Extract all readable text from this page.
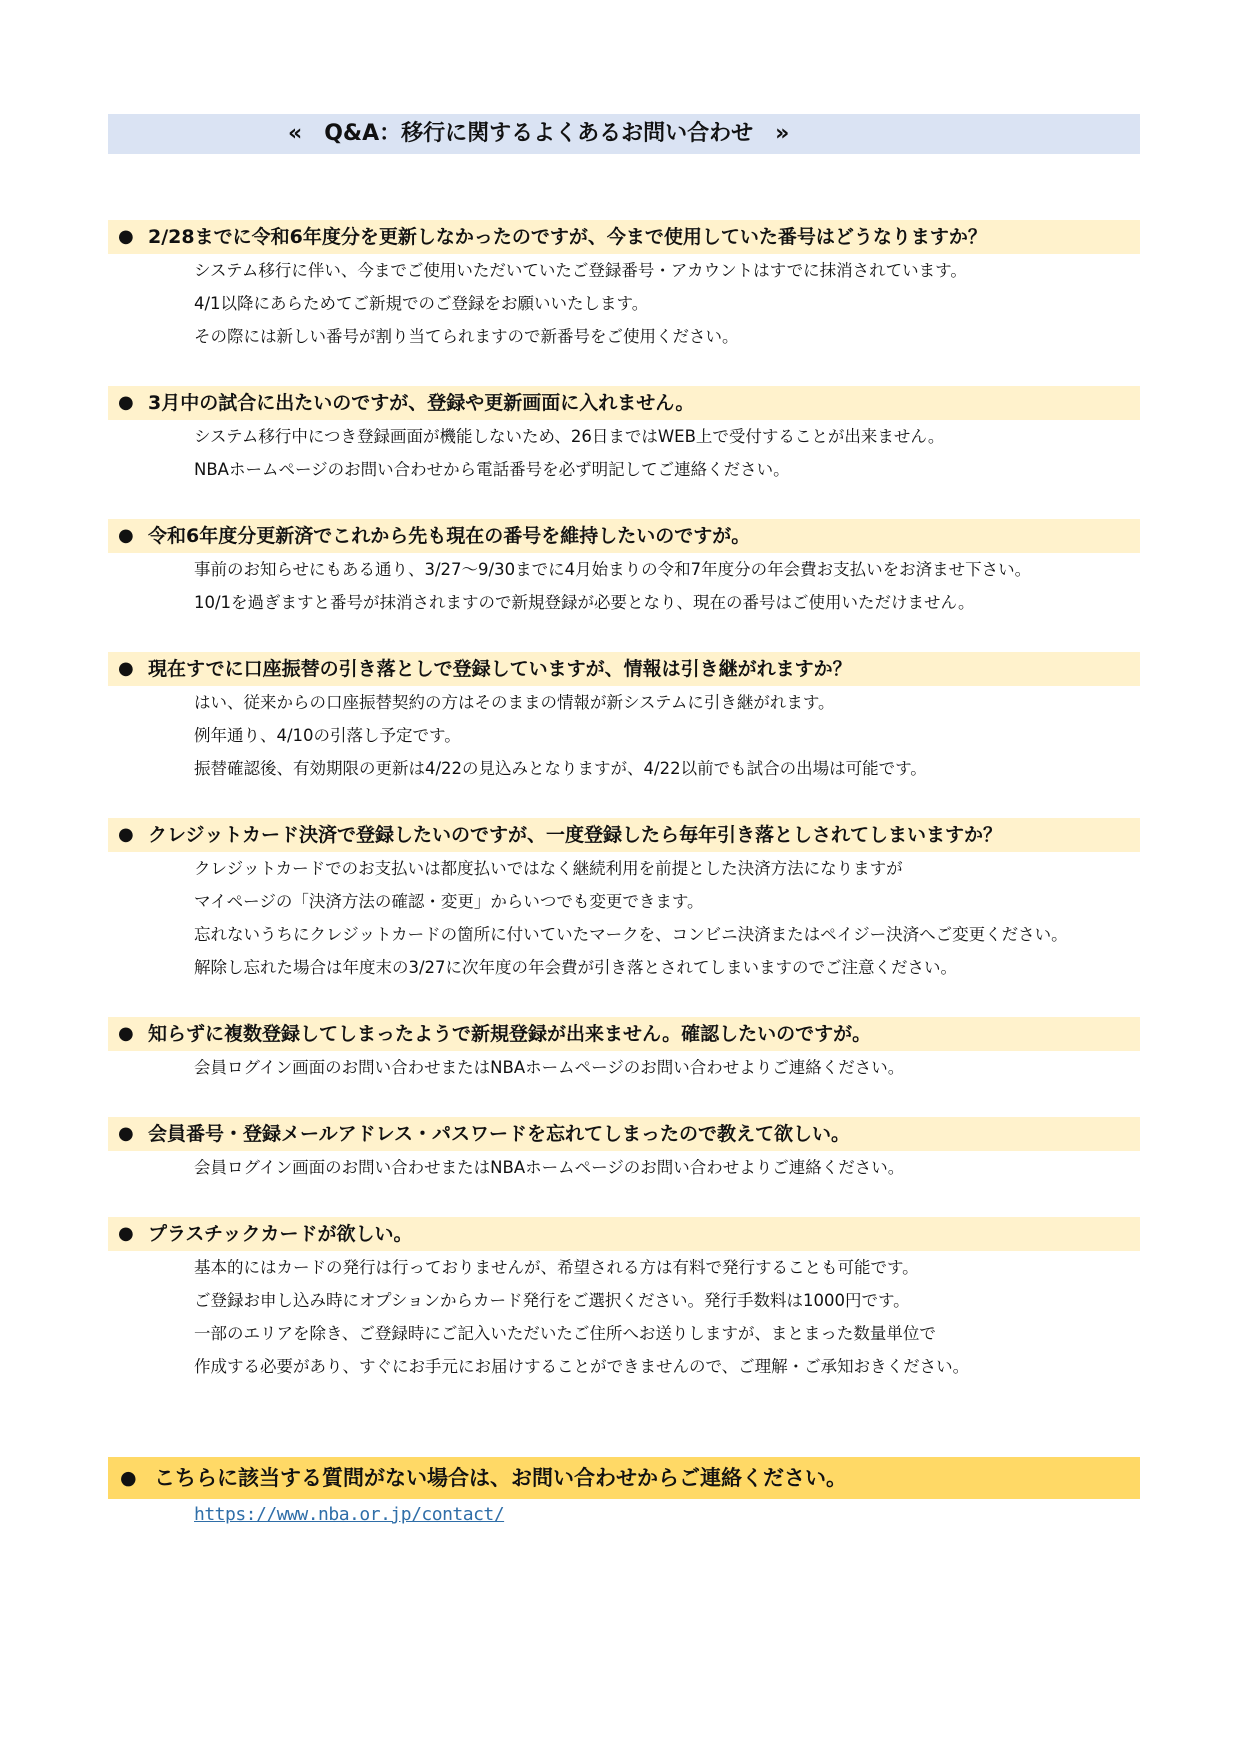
«　Q&A：移行に関するよくあるお問い合わせ　»
● 2/28までに令和6年度分を更新しなかったのですが、今まで使用していた番号はどうなりますか？
システム移行に伴い、今までご使用いただいていたご登録番号・アカウントはすでに抹消されています。
4/1以降にあらためてご新規でのご登録をお願いいたします。
その際には新しい番号が割り当てられますので新番号をご使用ください。
● 3月中の試合に出たいのですが、登録や更新画面に入れません。
システム移行中につき登録画面が機能しないため、26日まではWEB上で受付することが出来ません。
NBAホームページのお問い合わせから電話番号を必ず明記してご連絡ください。
● 令和6年度分更新済でこれから先も現在の番号を維持したいのですが。
事前のお知らせにもある通り、3/27～9/30までに4月始まりの令和7年度分の年会費お支払いをお済ませ下さい。
10/1を過ぎますと番号が抹消されますので新規登録が必要となり、現在の番号はご使用いただけません。
● 現在すでに口座振替の引き落としで登録していますが、情報は引き継がれますか？
はい、従来からの口座振替契約の方はそのままの情報が新システムに引き継がれます。
例年通り、4/10の引落し予定です。
振替確認後、有効期限の更新は4/22の見込みとなりますが、4/22以前でも試合の出場は可能です。
● クレジットカード決済で登録したいのですが、一度登録したら毎年引き落としされてしまいますか？
クレジットカードでのお支払いは都度払いではなく継続利用を前提とした決済方法になりますが
マイページの「決済方法の確認・変更」からいつでも変更できます。
忘れないうちにクレジットカードの箇所に付いていたマークを、コンビニ決済またはペイジー決済へご変更ください。
解除し忘れた場合は年度末の3/27に次年度の年会費が引き落とされてしまいますのでご注意ください。
● 知らずに複数登録してしまったようで新規登録が出来ません。確認したいのですが。
会員ログイン画面のお問い合わせまたはNBAホームページのお問い合わせよりご連絡ください。
● 会員番号・登録メールアドレス・パスワードを忘れてしまったので教えて欲しい。
会員ログイン画面のお問い合わせまたはNBAホームページのお問い合わせよりご連絡ください。
● プラスチックカードが欲しい。
基本的にはカードの発行は行っておりませんが、希望される方は有料で発行することも可能です。
ご登録お申し込み時にオプションからカード発行をご選択ください。発行手数料は1000円です。
一部のエリアを除き、ご登録時にご記入いただいたご住所へお送りしますが、まとまった数量単位で
作成する必要があり、すぐにお手元にお届けすることができませんので、ご理解・ご承知おきください。
● こちらに該当する質問がない場合は、お問い合わせからご連絡ください。
https://www.nba.or.jp/contact/
